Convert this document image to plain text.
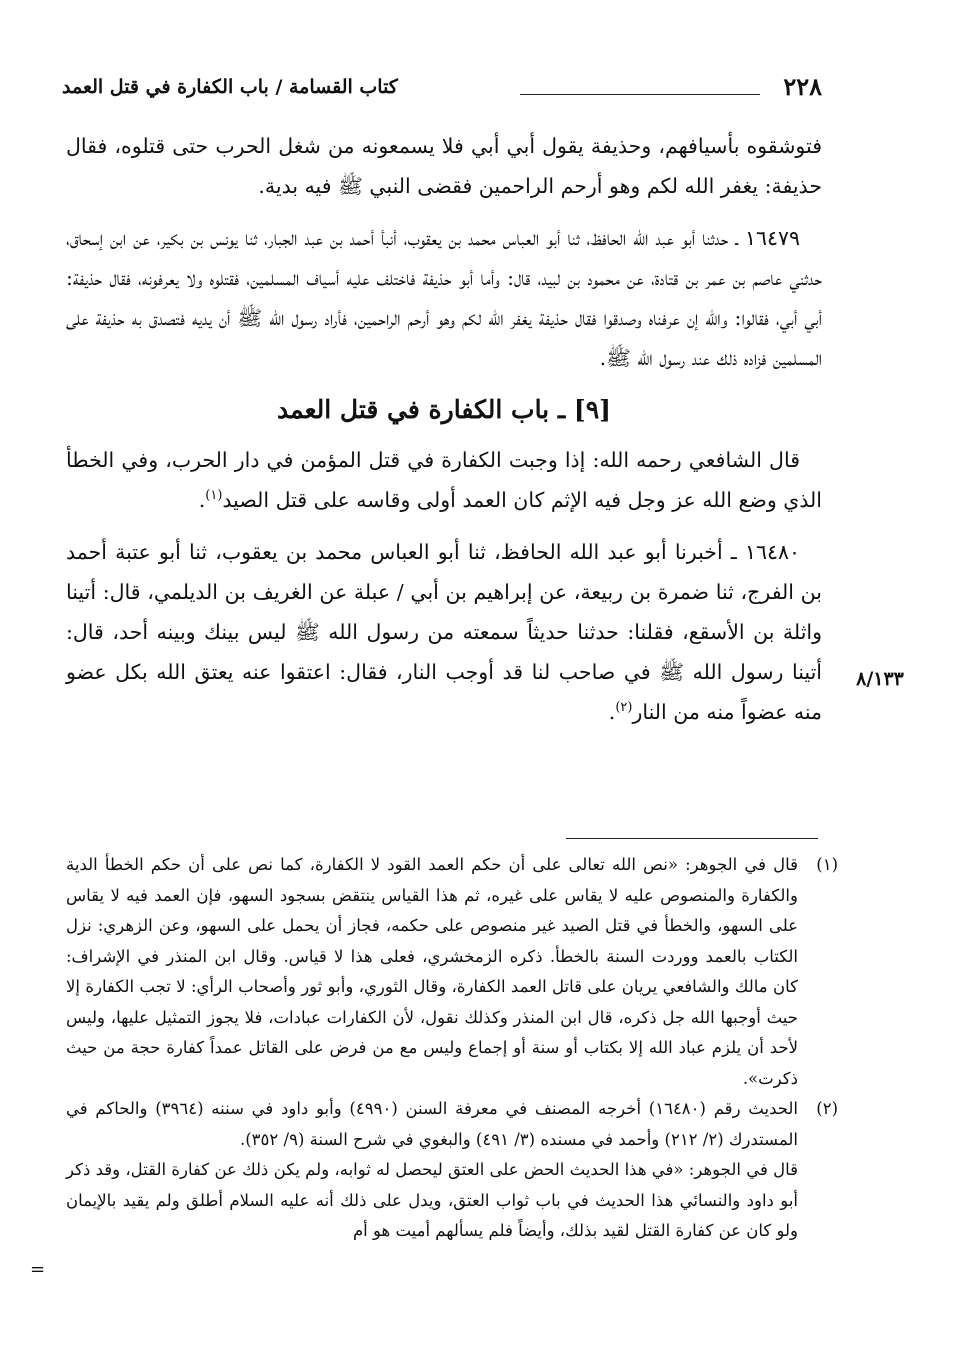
٢٢٨
كتاب القسامة / باب الكفارة في قتل العمد

فتوشقوه بأسيافهم، وحذيفة يقول أبي أبي فلا يسمعونه من شغل الحرب حتى قتلوه، فقال حذيفة: يغفر الله لكم وهو أرحم الراحمين فقضى النبي ﷺ فيه بدية.

١٦٤٧٩ ـ حدثنا أبو عبد الله الحافظ، ثنا أبو العباس محمد بن يعقوب، أنبأ أحمد بن عبد الجبار، ثنا يونس بن بكير، عن ابن إسحاق، حدثني عاصم بن عمر بن قتادة، عن محمود بن لبيد، قال: وأما أبو حذيفة فاختلف عليه أسياف المسلمين، فقتلوه ولا يعرفونه، فقال حذيفة: أبي أبي، فقالوا: والله إن عرفناه وصدقوا فقال حذيفة يغفر الله لكم وهو أرحم الراحمين، فأراد رسول الله ﷺ أن يديه فتصدق به حذيفة على المسلمين فزاده ذلك عند رسول الله ﷺ.

[٩] ـ باب الكفارة في قتل العمد

قال الشافعي رحمه الله: إذا وجبت الكفارة في قتل المؤمن في دار الحرب، وفي الخطأ الذي وضع الله عز وجل فيه الإثم كان العمد أولى وقاسه على قتل الصيد$^{(١)}$.

١٦٤٨٠ ـ أخبرنا أبو عبد الله الحافظ، ثنا أبو العباس محمد بن يعقوب، ثنا أبو عتبة أحمد بن الفرج، ثنا ضمرة بن ربيعة، عن إبراهيم بن أبي / عبلة عن الغريف بن الديلمي، قال: أتينا واثلة بن الأسقع، فقلنا: حدثنا حديثاً سمعته من رسول الله ﷺ ليس بينك وبينه أحد، قال: أتينا رسول الله ﷺ في صاحب لنا قد أوجب النار، فقال: اعتقوا عنه يعتق الله بكل عضو منه عضواً منه من النار$^{(٢)}$.

٨/١٣٣

(١)
قال في الجوهر: «نص الله تعالى على أن حكم العمد القود لا الكفارة، كما نص على أن حكم الخطأ الدية والكفارة والمنصوص عليه لا يقاس على غيره، ثم هذا القياس ينتقض بسجود السهو، فإن العمد فيه لا يقاس على السهو، والخطأ في قتل الصيد غير منصوص على حكمه، فجاز أن يحمل على السهو، وعن الزهري: نزل الكتاب بالعمد ووردت السنة بالخطأ. ذكره الزمخشري، فعلى هذا لا قياس. وقال ابن المنذر في الإشراف: كان مالك والشافعي يريان على قاتل العمد الكفارة، وقال الثوري، وأبو ثور وأصحاب الرأي: لا تجب الكفارة إلا حيث أوجبها الله جل ذكره، قال ابن المنذر وكذلك نقول، لأن الكفارات عبادات، فلا يجوز التمثيل عليها، وليس لأحد أن يلزم عباد الله إلا بكتاب أو سنة أو إجماع وليس مع من فرض على القاتل عمداً كفارة حجة من حيث ذكرت».

(٢)
الحديث رقم (١٦٤٨٠) أخرجه المصنف في معرفة السنن (٤٩٩٠) وأبو داود في سننه (٣٩٦٤) والحاكم في المستدرك (٢/ ٢١٢) وأحمد في مسنده (٣/ ٤٩١) والبغوي في شرح السنة (٩/ ٣٥٢).

قال في الجوهر: «في هذا الحديث الحض على العتق ليحصل له ثوابه، ولم يكن ذلك عن كفارة القتل، وقد ذكر أبو داود والنسائي هذا الحديث في باب ثواب العتق، ويدل على ذلك أنه عليه السلام أطلق ولم يقيد بالإيمان ولو كان عن كفارة القتل لقيد بذلك، وأيضاً فلم يسألهم أميت هو أم

=
